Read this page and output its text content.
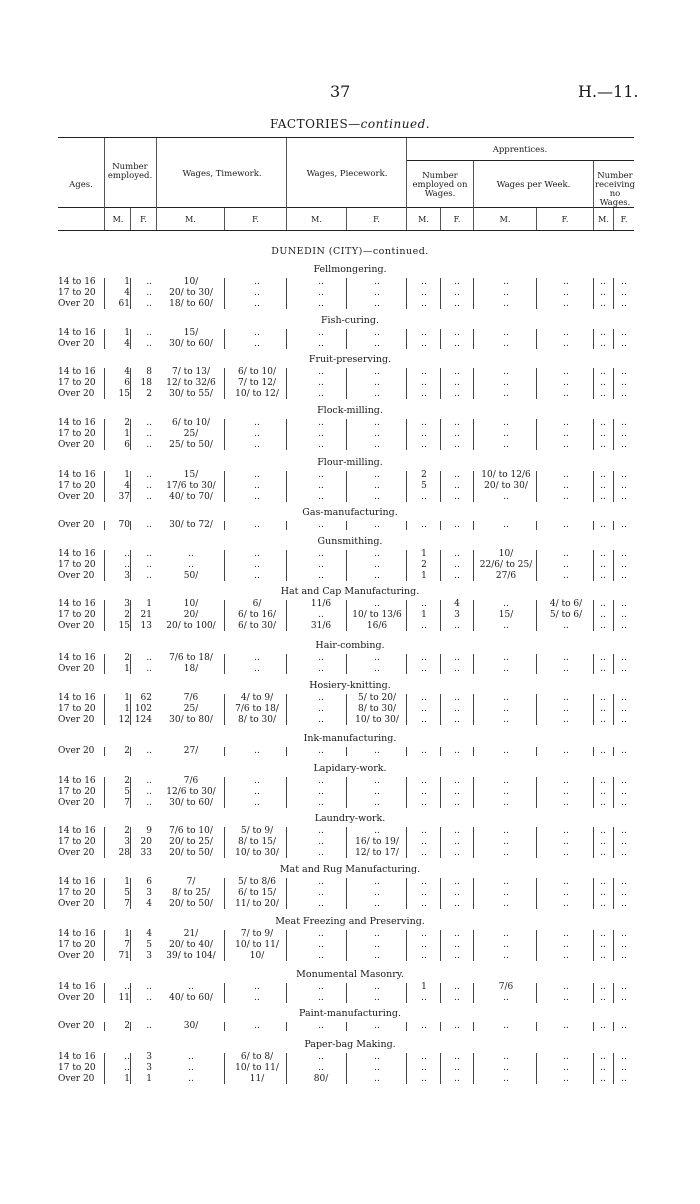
37	H.—11.
FACTORIES—continued.
Ages.
Number employed.	Wages, Timework.	Wages, Piecework.
Apprentices.
Number employed on Wages.
Wages per Week.
Number receiving no Wages.
M.	F.	M.	F.	M.	F.	M.	F.	M.	F.	M.	F.
DUNEDIN (CITY)—continued.
Fellmongering.
14 to 16	1	..	10/	..	..	..	..	..	..	..	..	..
17 to 20	4	..	20/ to 30/	..	..	..	..	..	..	..	..	..
Over 20	61	..	18/ to 60/	..	..	..	..	..	..	..	..	..
Fish-curing.
14 to 16	1	..	15/	..	..	..	..	..	..	..	..	..
Over 20	4	..	30/ to 60/	..	..	..	..	..	..	..	..	..
Fruit-preserving.
14 to 16	4	8	7/ to 13/	6/ to 10/	..	..	..	..	..	..	..	..
17 to 20	6	18	12/ to 32/6	7/ to 12/	..	..	..	..	..	..	..	..
Over 20	15	2	30/ to 55/	10/ to 12/	..	..	..	..	..	..	..	..
Flock-milling.
14 to 16	2	..	6/ to 10/	..	..	..	..	..	..	..	..	..
17 to 20	1	..	25/	..	..	..	..	..	..	..	..	..
Over 20	6	..	25/ to 50/	..	..	..	..	..	..	..	..	..
Flour-milling.
14 to 16	1	..	15/	..	..	..	2	..	10/ to 12/6	..	..	..
17 to 20	4	..	17/6 to 30/	..	..	..	5	..	20/ to 30/	..	..	..
Over 20	37	..	40/ to 70/	..	..	..	..	..	..	..	..	..
Gas-manufacturing.
Over 20	70	..	30/ to 72/	..	..	..	..	..	..	..	..	..
Gunsmithing.
14 to 16	..	..	..	..	..	..	1	..	10/	..	..	..
17 to 20	..	..	..	..	..	..	2	..	22/6/ to 25/	..	..	..
Over 20	3	..	50/	..	..	..	1	..	27/6	..	..	..
Hat and Cap Manufacturing.
14 to 16	3	1	10/	6/	11/6	..	..	4	..	4/ to 6/	..	..
17 to 20	2	21	20/	6/ to 16/	..	10/ to 13/6	1	3	15/	5/ to 6/	..	..
Over 20	15	13	20/ to 100/	6/ to 30/	31/6	16/6	..	..	..	..	..	..
Hair-combing.
14 to 16	2	..	7/6 to 18/	..	..	..	..	..	..	..	..	..
Over 20	1	..	18/	..	..	..	..	..	..	..	..	..
Hosiery-knitting.
14 to 16	1	62	7/6	4/ to 9/	..	5/ to 20/	..	..	..	..	..	..
17 to 20	1 102	25/	7/6 to 18/	..	8/ to 30/	..	..	..	..	..	..
Over 20	12 124	30/ to 80/	8/ to 30/	..	10/ to 30/	..	..	..	..	..	..
Ink-manufacturing.
Over 20	2	..	27/	..	..	..	..	..	..	..	..	..
Lapidary-work.
14 to 16	2	..	7/6	..	..	..	..	..	..	..	..	..
17 to 20	5	..	12/6 to 30/	..	..	..	..	..	..	..	..	..
Over 20	7	..	30/ to 60/	..	..	..	..	..	..	..	..	..
Laundry-work.
14 to 16	2	9	7/6 to 10/	5/ to 9/	..	..	..	..	..	..	..	..
17 to 20	3	20	20/ to 25/	8/ to 15/	..	16/ to 19/	..	..	..	..	..	..
Over 20	28	33	20/ to 50/	10/ to 30/	..	12/ to 17/	..	..	..	..	..	..
Mat and Rug Manufacturing.
14 to 16	1	6	7/	5/ to 8/6	..	..	..	..	..	..	..	..
17 to 20	5	3	8/ to 25/	6/ to 15/	..	..	..	..	..	..	..	..
Over 20	7	4	20/ to 50/	11/ to 20/	..	..	..	..	..	..	..	..
Meat Freezing and Preserving.
14 to 16	1	4	21/	7/ to 9/	..	..	..	..	..	..	..	..
17 to 20	7	5	20/ to 40/	10/ to 11/	..	..	..	..	..	..	..	..
Over 20	71	3	39/ to 104/	10/	..	..	..	..	..	..	..	..
Monumental Masonry.
14 to 16	..	..	..	..	..	..	1	..	7/6	..	..	..
Over 20	11	..	40/ to 60/	..	..	..	..	..	..	..	..	..
Paint-manufacturing.
Over 20	2	..	30/	..	..	..	..	..	..	..	..	..
Paper-bag Making.
14 to 16	..	3	..	6/ to 8/	..	..	..	..	..	..	..	..
17 to 20	..	3	..	10/ to 11/	..	..	..	..	..	..	..	..
Over 20	1	1	..	11/	80/	..	..	..	..	..	..	..
